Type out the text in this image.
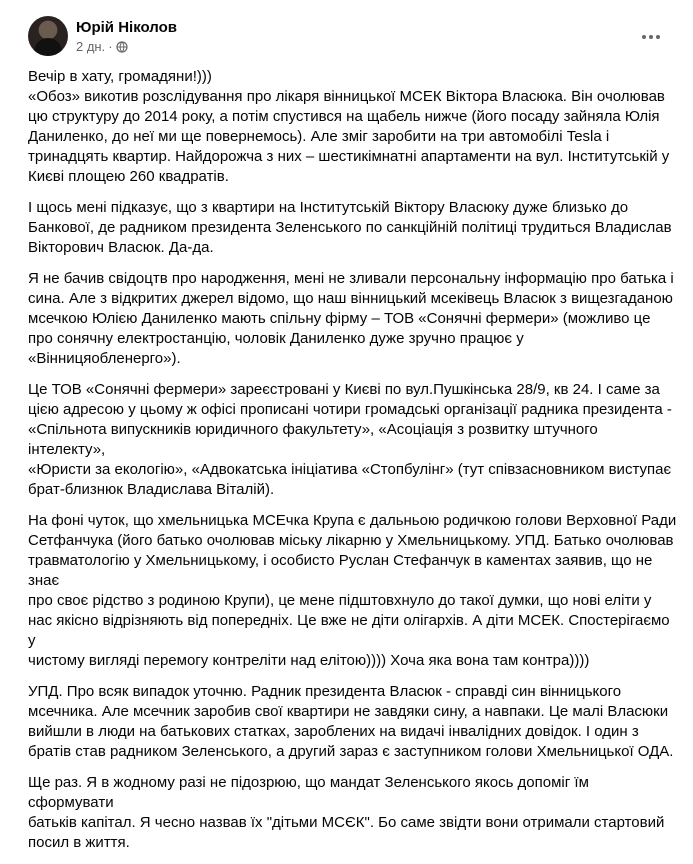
Юрій Ніколов
2 дн. ·

Вечір в хату, громадяни!)))
«Обоз» викотив розслідування про лікаря вінницької МСЕК Віктора Власюка. Він очолював
цю структуру до 2014 року, а потім спустився на щабель нижче (його посаду зайняла Юлія
Даниленко, до неї ми ще повернемось). Але зміг заробити на три автомобілі Tesla і
тринадцять квартир. Найдорожча з них – шестикімнатні апартаменти на вул. Інститутській у
Києві площею 260 квадратів.

І щось мені підказує, що з квартири на Інститутській Віктору Власюку дуже близько до
Банкової, де радником президента Зеленського по санкційній політиці трудиться Владислав
Вікторович Власюк. Да-да.

Я не бачив свідоцтв про народження, мені не зливали персональну інформацію про батька і
сина. Але з відкритих джерел відомо, що наш вінницький мсеківець Власюк з вищезгаданою
мсечкою Юлією Даниленко мають спільну фірму – ТОВ «Сонячні фермери» (можливо це
про сонячну електростанцію, чоловік Даниленко дуже зручно працює у
«Вінницяобленерго»).

Це ТОВ «Сонячні фермери» зареєстровані у Києві по вул.Пушкінська 28/9, кв 24. І саме за
цією адресою у цьому ж офісі прописані чотири громадські організації радника президента -
«Спільнота випускників юридичного факультету», «Асоціація з розвитку штучного інтелекту»,
«Юристи за екологію», «Адвокатська ініціатива «Стопбулінг» (тут співзасновником виступає
брат-близнюк Владислава Віталій).

На фоні чуток, що хмельницька МСЕчка Крупа є дальньою родичкою голови Верховної Ради
Сетфанчука (його батько очолював міську лікарню у Хмельницькому. УПД. Батько очолював
травматологію у Хмельницькому, і особисто Руслан Стефанчук в каментах заявив, що не знає
про своє рідство з родиною Крупи), це мене підштовхнуло до такої думки, що нові еліти у
нас якісно відрізняють від попередніх. Це вже не діти олігархів. А діти МСЕК. Спостерігаємо у
чистому вигляді перемогу контреліти над елітою)))) Хоча яка вона там контра))))

УПД. Про всяк випадок уточню. Радник президента Власюк - справді син вінницького
мсечника. Але мсечник заробив свої квартири не завдяки сину, а навпаки. Це малі Власюки
вийшли в люди на батькових статках, зароблених на видачі інвалідних довідок. І один з
братів став радником Зеленського, а другий зараз є заступником голови Хмельницької ОДА.

Ще раз. Я в жодному разі не підозрюю, що мандат Зеленського якось допоміг їм сформувати
батьків капітал. Я чесно назвав їх "дітьми МСЄК". Бо саме звідти вони отримали стартовий
посил в життя.
